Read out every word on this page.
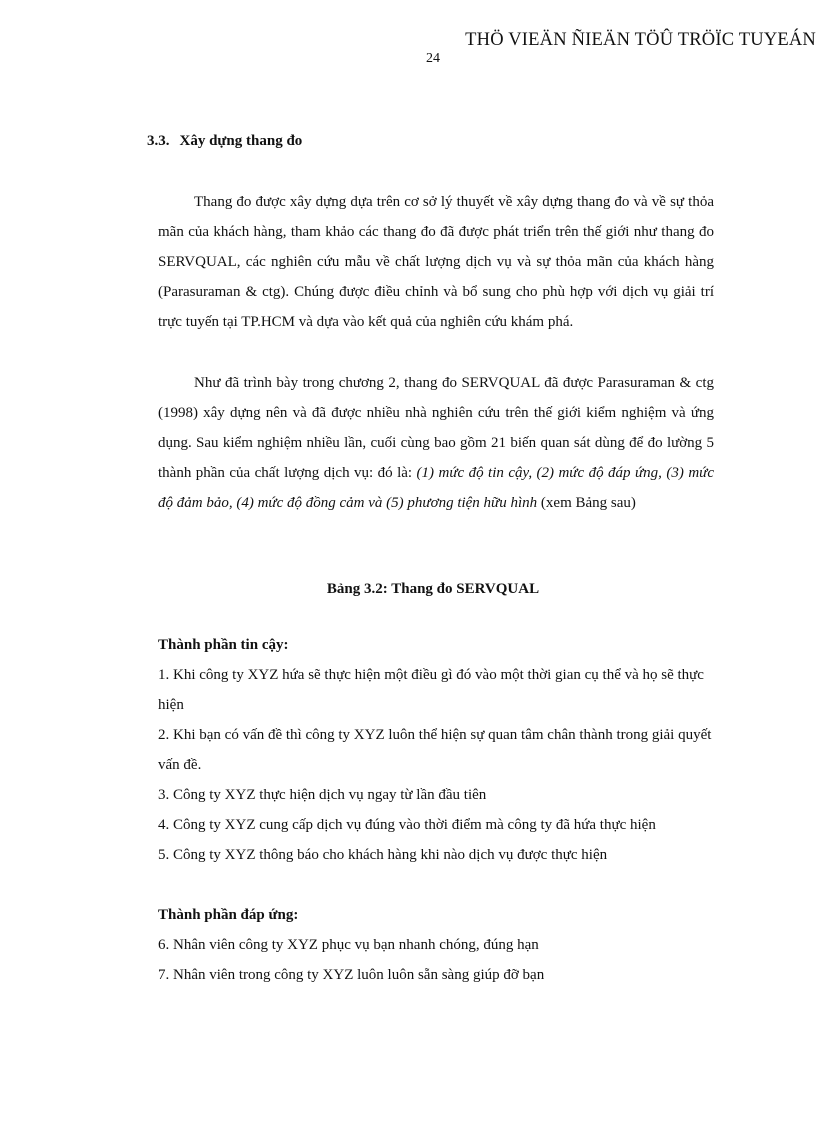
THÖ VIEÄN ÑIEÄN TÖÛ TRÖÏC TUYEÁN
24
3.3. Xây dựng thang đo

Thang đo được xây dựng dựa trên cơ sở lý thuyết về xây dựng thang đo và về sự thỏa mãn của khách hàng, tham khảo các thang đo đã được phát triển trên thế giới như thang đo SERVQUAL, các nghiên cứu mẫu về chất lượng dịch vụ và sự thỏa mãn của khách hàng (Parasuraman & ctg). Chúng được điều chỉnh và bổ sung cho phù hợp với dịch vụ giải trí trực tuyến tại TP.HCM và dựa vào kết quả của nghiên cứu khám phá.

Như đã trình bày trong chương 2, thang đo SERVQUAL đã được Parasuraman & ctg (1998) xây dựng nên và đã được nhiều nhà nghiên cứu trên thế giới kiểm nghiệm và ứng dụng. Sau kiểm nghiệm nhiều lần, cuối cùng bao gồm 21 biến quan sát dùng để đo lường 5 thành phần của chất lượng dịch vụ: đó là: (1) mức độ tin cậy, (2) mức độ đáp ứng, (3) mức độ đảm bảo, (4) mức độ đồng cảm và (5) phương tiện hữu hình (xem Bảng sau)

Bảng 3.2: Thang đo SERVQUAL

Thành phần tin cậy:

1. Khi công ty XYZ hứa sẽ thực hiện một điều gì đó vào một thời gian cụ thể và họ sẽ thực hiện

2. Khi bạn có vấn đề thì công ty XYZ luôn thể hiện sự quan tâm chân thành trong giải quyết vấn đề.

3. Công ty XYZ thực hiện dịch vụ ngay từ lần đầu tiên

4. Công ty XYZ cung cấp dịch vụ đúng vào thời điểm mà công ty đã hứa thực hiện

5. Công ty XYZ thông báo cho khách hàng khi nào dịch vụ được thực hiện

Thành phần đáp ứng:

6. Nhân viên công ty XYZ phục vụ bạn nhanh chóng, đúng hạn

7. Nhân viên trong công ty XYZ luôn luôn sẵn sàng giúp đỡ bạn
